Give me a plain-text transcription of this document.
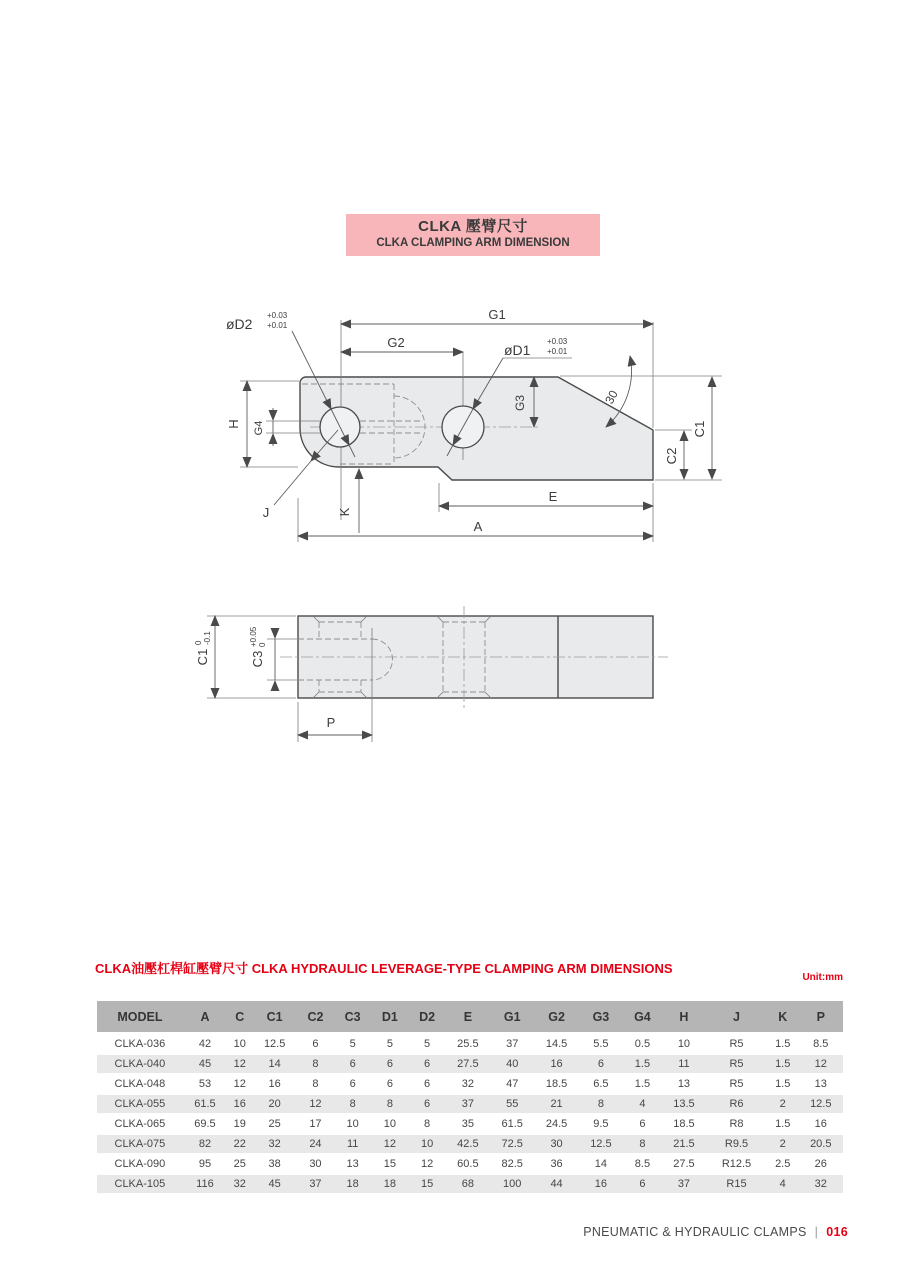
CLKA 壓臂尺寸
CLKA CLAMPING ARM DIMENSION
G1
G2
E
A
J
H G4
K
G3
C1
C2
30
øD2
+0.03
+0.01
øD1
+0.03
+0.01
C1
0 -0.1
C3
+0.05 0
P
CLKA油壓杠桿缸壓臂尺寸 CLKA HYDRAULIC LEVERAGE-TYPE CLAMPING ARM DIMENSIONS
Unit:mm
MODEL	A	C	C1	C2	C3	D1	D2	E	G1	G2	G3	G4	H	J	K	P
CLKA-036	42	10	12.5	6	5	5	5	25.5	37	14.5	5.5	0.5	10	R5	1.5	8.5
CLKA-040	45	12	14	8	6	6	6	27.5	40	16	6	1.5	11	R5	1.5	12
CLKA-048	53	12	16	8	6	6	6	32	47	18.5	6.5	1.5	13	R5	1.5	13
CLKA-055	61.5	16	20	12	8	8	6	37	55	21	8	4	13.5	R6	2	12.5
CLKA-065	69.5	19	25	17	10	10	8	35	61.5	24.5	9.5	6	18.5	R8	1.5	16
CLKA-075	82	22	32	24	11	12	10	42.5	72.5	30	12.5	8	21.5	R9.5	2	20.5
CLKA-090	95	25	38	30	13	15	12	60.5	82.5	36	14	8.5	27.5	R12.5	2.5	26
CLKA-105	116	32	45	37	18	18	15	68	100	44	16	6	37	R15	4	32
PNEUMATIC & HYDRAULIC CLAMPS | 016
